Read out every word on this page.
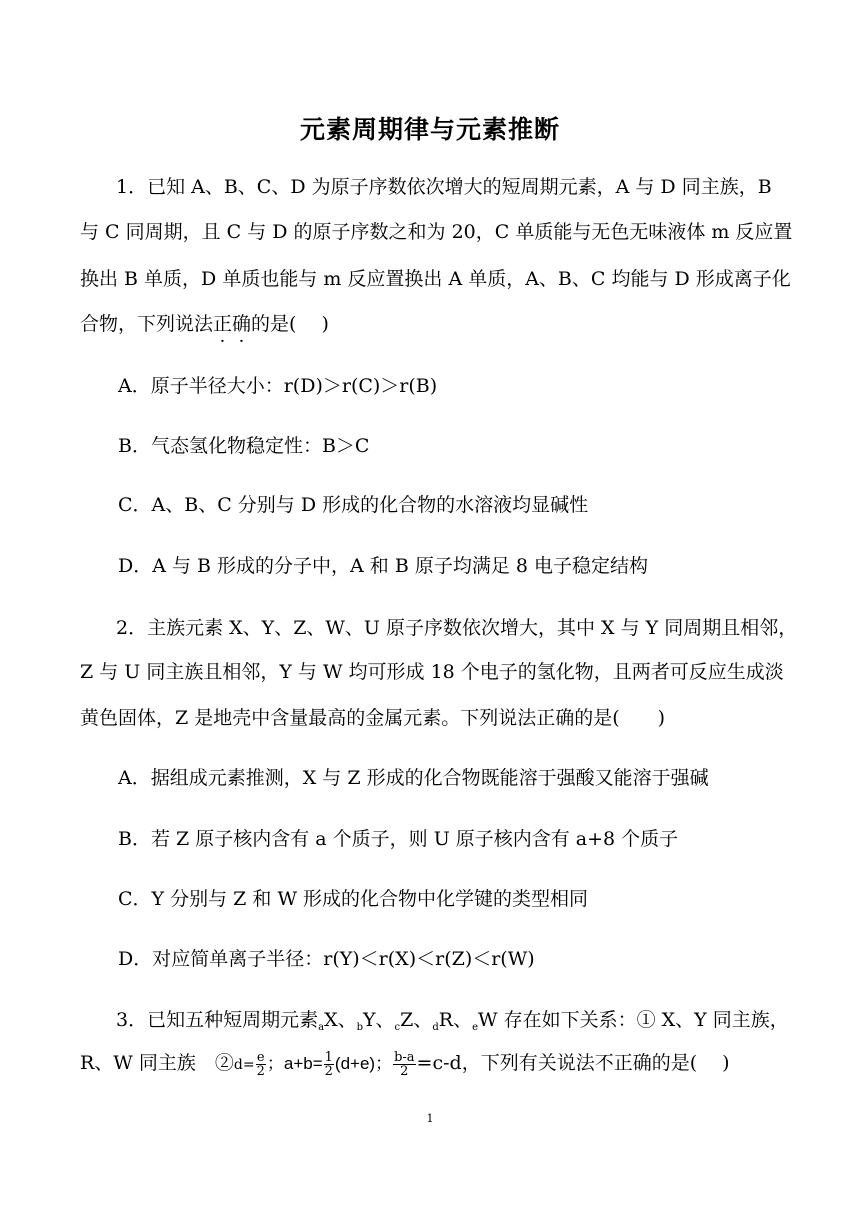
元素周期律与元素推断
1．已知 A、B、C、D 为原子序数依次增大的短周期元素，A 与 D 同主族，B
与 C 同周期，且 C 与 D 的原子序数之和为 20，C 单质能与无色无味液体 m 反应置
换出 B 单质，D 单质也能与 m 反应置换出 A 单质，A、B、C 均能与 D 形成离子化
合物，下列说法正确的是(　 )
A．原子半径大小：r(D)＞r(C)＞r(B)
B．气态氢化物稳定性：B＞C
C．A、B、C 分别与 D 形成的化合物的水溶液均显碱性
D．A 与 B 形成的分子中，A 和 B 原子均满足 8 电子稳定结构
2．主族元素 X、Y、Z、W、U 原子序数依次增大，其中 X 与 Y 同周期且相邻，
Z 与 U 同主族且相邻，Y 与 W 均可形成 18 个电子的氢化物，且两者可反应生成淡
黄色固体，Z 是地壳中含量最高的金属元素。下列说法正确的是(　　)
A．据组成元素推测，X 与 Z 形成的化合物既能溶于强酸又能溶于强碱
B．若 Z 原子核内含有 a 个质子，则 U 原子核内含有 a+8 个质子
C．Y 分别与 Z 和 W 形成的化合物中化学键的类型相同
D．对应简单离子半径：r(Y)＜r(X)＜r(Z)＜r(W)
3．已知五种短周期元素$_a$X、$_b$Y、$_c$Z、$_d$R、$_e$W 存在如下关系：① X、Y 同主族，
R、W 同主族　②d= $\frac{e}{2}$ ；$a+b= \frac{1}{2} (d+e)$； $\frac{b-a}{2} =c-d$，下列有关说法不正确的是(　 )
1
